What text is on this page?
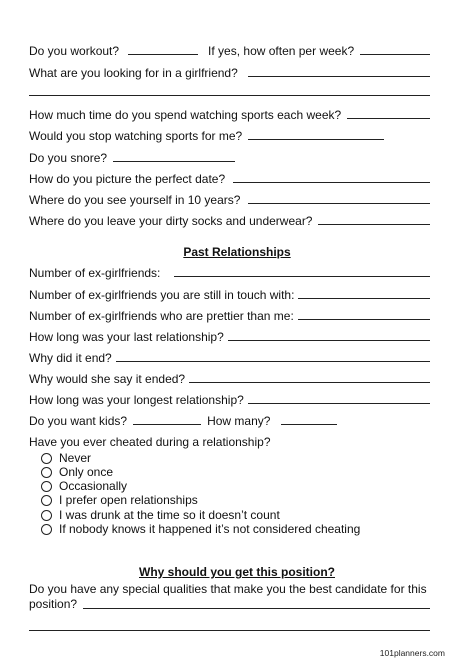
Do you workout?	If yes, how often per week?
What are you looking for in a girlfriend?
How much time do you spend watching sports each week?
Would you stop watching sports for me?
Do you snore?
How do you picture the perfect date?
Where do you see yourself in 10 years?
Where do you leave your dirty socks and underwear?
Past Relationships
Number of ex-girlfriends:
Number of ex-girlfriends you are still in touch with:
Number of ex-girlfriends who are prettier than me:
How long was your last relationship?
Why did it end?
Why would she say it ended?
How long was your longest relationship?
Do you want kids?	How many?
Have you ever cheated during a relationship?
Never
Only once
Occasionally
I prefer open relationships
I was drunk at the time so it doesn’t count
If nobody knows it happened it’s not considered cheating
Why should you get this position?
Do you have any special qualities that make you the best candidate for this
position?
101planners.com
